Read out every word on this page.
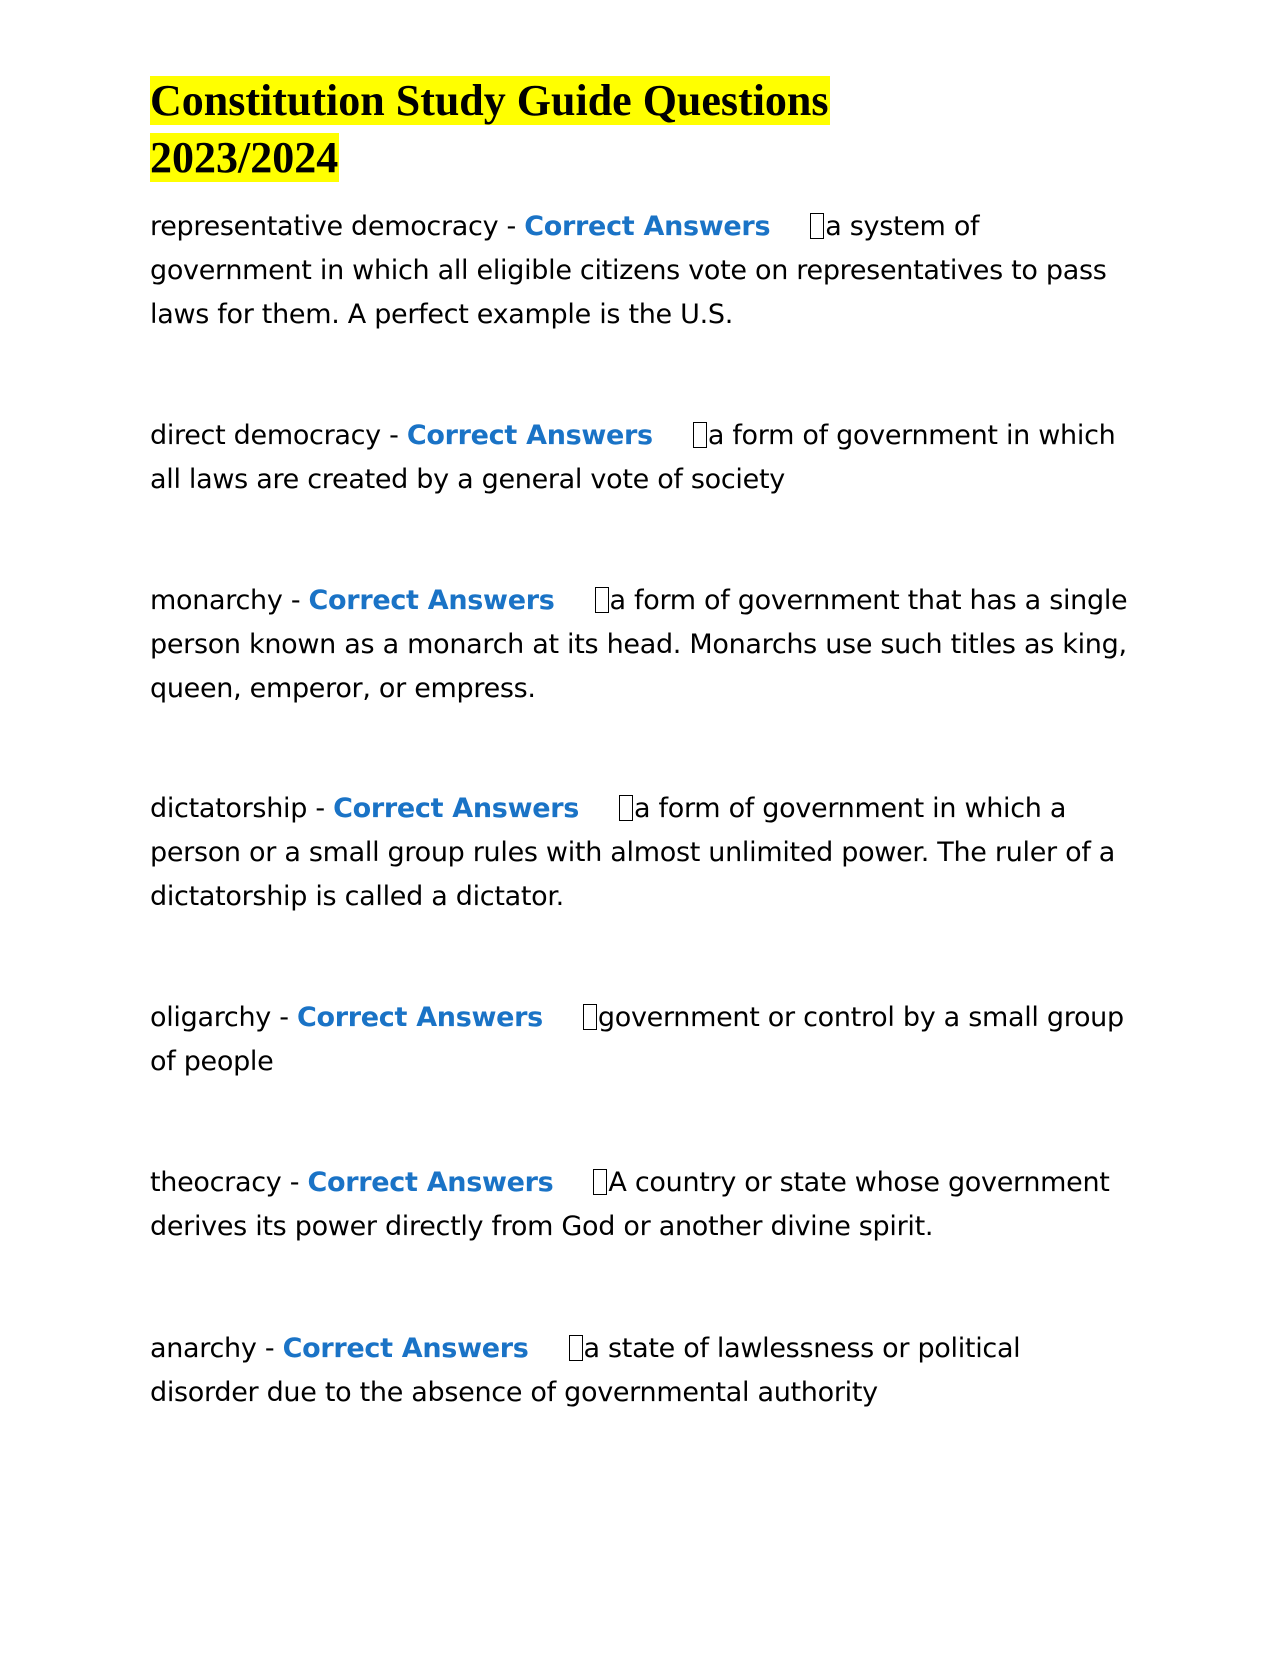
Constitution Study Guide Questions
2023/2024

representative democracy - Correct Answers a system of government in which all eligible citizens vote on representatives to pass laws for them. A perfect example is the U.S.

direct democracy - Correct Answers a form of government in which all laws are created by a general vote of society

monarchy - Correct Answers a form of government that has a single person known as a monarch at its head. Monarchs use such titles as king, queen, emperor, or empress.

dictatorship - Correct Answers a form of government in which a person or a small group rules with almost unlimited power. The ruler of a dictatorship is called a dictator.

oligarchy - Correct Answers government or control by a small group of people

theocracy - Correct Answers A country or state whose government derives its power directly from God or another divine spirit.

anarchy - Correct Answers a state of lawlessness or political disorder due to the absence of governmental authority
